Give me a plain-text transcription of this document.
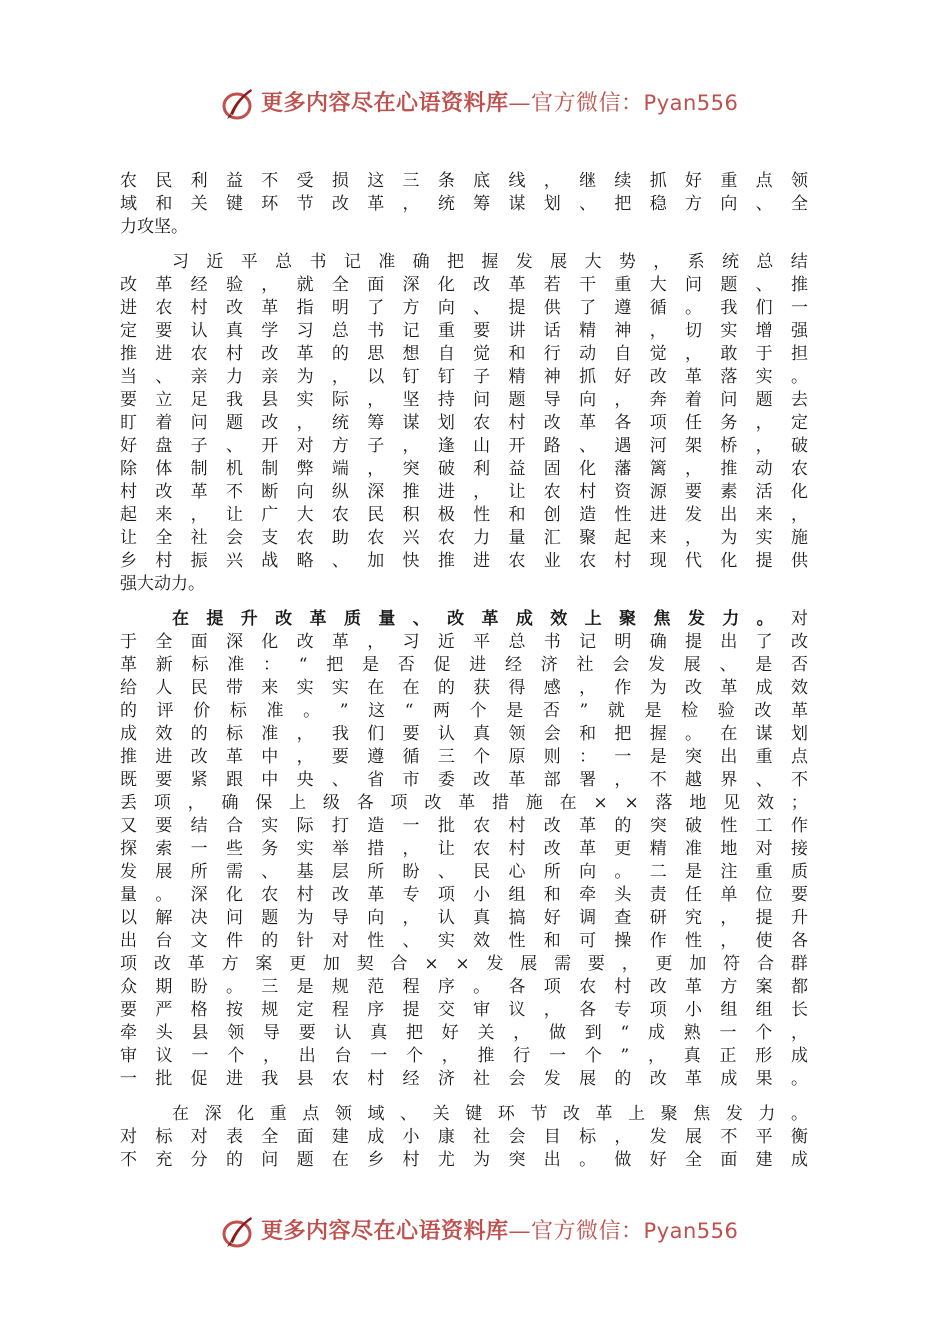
更多内容尽在心语资料库—官方微信：Pyan556
农 民 利 益 不 受 损 这 三 条 底 线 ， 继 续 抓 好 重 点 领
域 和 关 键 环 节 改 革 ， 统 筹 谋 划 、 把 稳 方 向 、 全
力攻坚。
习 近 平 总 书 记 准 确 把 握 发 展 大 势 ， 系 统 总 结
改 革 经 验 ， 就 全 面 深 化 改 革 若 干 重 大 问 题 、 推
进 农 村 改 革 指 明 了 方 向 、 提 供 了 遵 循 。 我 们 一
定 要 认 真 学 习 总 书 记 重 要 讲 话 精 神 ， 切 实 增 强
推 进 农 村 改 革 的 思 想 自 觉 和 行 动 自 觉 ， 敢 于 担
当 、 亲 力 亲 为 ， 以 钉 钉 子 精 神 抓 好 改 革 落 实 。
要 立 足 我 县 实 际 ， 坚 持 问 题 导 向 ， 奔 着 问 题 去
盯 着 问 题 改 ， 统 筹 谋 划 农 村 改 革 各 项 任 务 ， 定
好 盘 子 、 开 对 方 子 ， 逢 山 开 路 、 遇 河 架 桥 ， 破
除 体 制 机 制 弊 端 ， 突 破 利 益 固 化 藩 篱 ， 推 动 农
村 改 革 不 断 向 纵 深 推 进 ， 让 农 村 资 源 要 素 活 化
起 来 ， 让 广 大 农 民 积 极 性 和 创 造 性 进 发 出 来 ，
让 全 社 会 支 农 助 农 兴 农 力 量 汇 聚 起 来 ， 为 实 施
乡 村 振 兴 战 略 、 加 快 推 进 农 业 农 村 现 代 化 提 供
强大动力。
在提升改革质量、改革成效上聚焦发力。对
于 全 面 深 化 改 革 ， 习 近 平 总 书 记 明 确 提 出 了 改
革 新 标 准 ： “ 把 是 否 促 进 经 济 社 会 发 展 、 是 否
给 人 民 带 来 实 实 在 在 的 获 得 感 ， 作 为 改 革 成 效
的 评 价 标 准 。 ” 这 “ 两 个 是 否 ” 就 是 检 验 改 革
成 效 的 标 准 ， 我 们 要 认 真 领 会 和 把 握 。 在 谋 划
推 进 改 革 中 ， 要 遵 循 三 个 原 则 ： 一 是 突 出 重 点
既 要 紧 跟 中 央 、 省 市 委 改 革 部 署 ， 不 越 界 、 不
丢 项 ， 确 保 上 级 各 项 改 革 措 施 在 × × 落 地 见 效 ；
又 要 结 合 实 际 打 造 一 批 农 村 改 革 的 突 破 性 工 作
探 索 一 些 务 实 举 措 ， 让 农 村 改 革 更 精 准 地 对 接
发 展 所 需 、 基 层 所 盼 、 民 心 所 向 。 二 是 注 重 质
量 。 深 化 农 村 改 革 专 项 小 组 和 牵 头 责 任 单 位 要
以 解 决 问 题 为 导 向 ， 认 真 搞 好 调 查 研 究 ， 提 升
出 台 文 件 的 针 对 性 、 实 效 性 和 可 操 作 性 ， 使 各
项 改 革 方 案 更 加 契 合 × × 发 展 需 要 ， 更 加 符 合 群
众 期 盼 。 三 是 规 范 程 序 。 各 项 农 村 改 革 方 案 都
要 严 格 按 规 定 程 序 提 交 审 议 ， 各 专 项 小 组 组 长
牵 头 县 领 导 要 认 真 把 好 关 ， 做 到 “ 成 熟 一 个 ，
审 议 一 个 ， 出 台 一 个 ， 推 行 一 个 ” ， 真 正 形 成
一 批 促 进 我 县 农 村 经 济 社 会 发 展 的 改 革 成 果 。
在 深 化 重 点 领 域 、 关 键 环 节 改 革 上 聚 焦 发 力 。
对 标 对 表 全 面 建 成 小 康 社 会 目 标 ， 发 展 不 平 衡
不 充 分 的 问 题 在 乡 村 尤 为 突 出 。 做 好 全 面 建 成
更多内容尽在心语资料库—官方微信：Pyan556
